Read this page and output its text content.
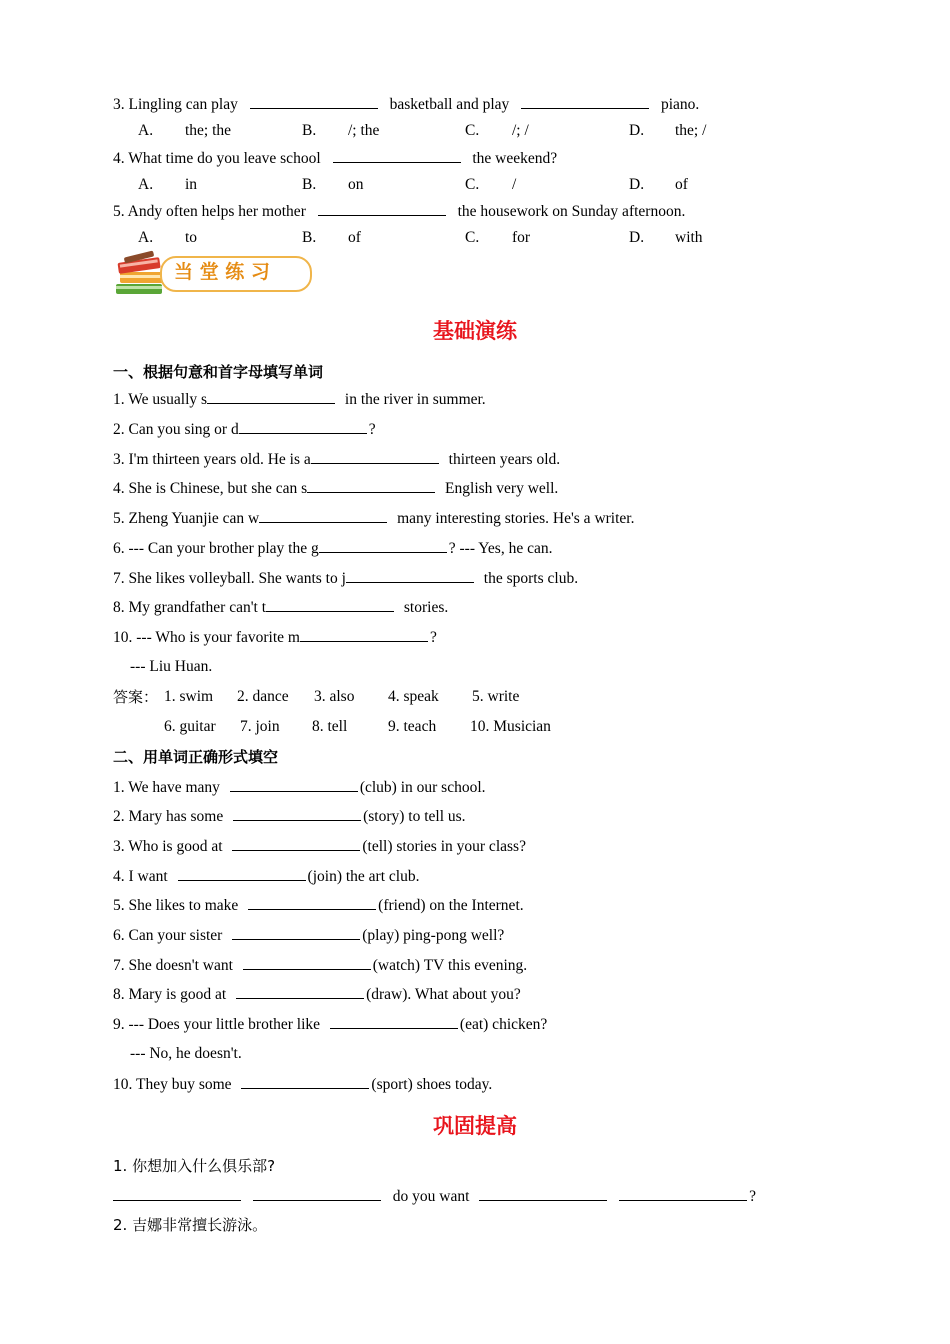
3. Lingling can play	basketball and play	piano.
A. the; the	B. /; the	C. /; /	D. the; /
4. What time do you leave school	the weekend?
A. in	B. on	C. /	D. of
5. Andy often helps her mother	the housework on Sunday afternoon.
A. to	B. of	C. for	D. with
当 堂 练 习
基础演练
一、根据句意和首字母填写单词
1. We usually s	in the river in summer.
2. Can you sing or d	?
3. I'm thirteen years old. He is a	thirteen years old.
4. She is Chinese, but she can s	English very well.
5. Zheng Yuanjie can w	many interesting stories. He's a writer.
6. --- Can your brother play the g	? --- Yes, he can.
7. She likes volleyball. She wants to j	the sports club.
8. My grandfather can't t	stories.
10. --- Who is your favorite m	?
--- Liu Huan.
答案： 1. swim 2. dance 3. also 4. speak 5. write
6. guitar 7. join 8. tell	9. teach 10. Musician
二、用单词正确形式填空
1. We have many	(club) in our school.
2. Mary has some	(story) to tell us.
3. Who is good at	(tell) stories in your class?
4. I want	(join) the art club.
5. She likes to make	(friend) on the Internet.
6. Can your sister	(play) ping-pong well?
7. She doesn't want	(watch) TV this evening.
8. Mary is good at	(draw). What about you?
9. --- Does your little brother like	(eat) chicken?
--- No, he doesn't.
10. They buy some	(sport) shoes today.
巩固提高
1. 你想加入什么俱乐部?
do you want	?
2. 吉娜非常擅长游泳。
